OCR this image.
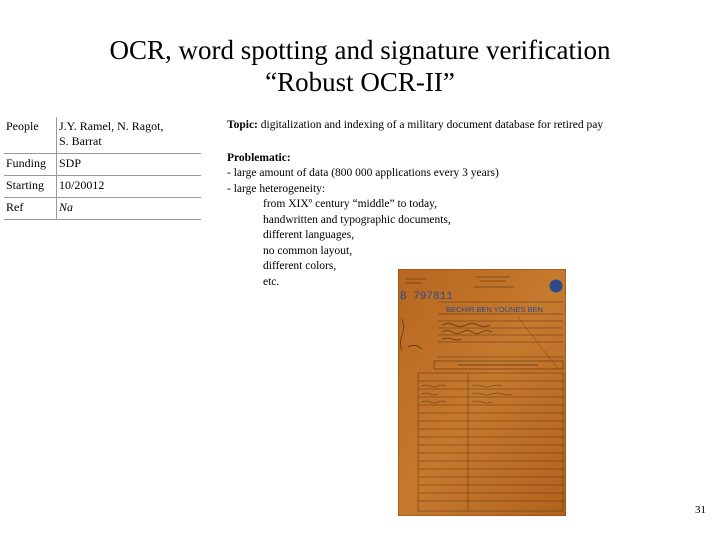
OCR, word spotting and signature verification
“Robust OCR-II”
People	J.Y. Ramel, N. Ragot,
S. Barrat
Funding	SDP
Starting	10/20012
Ref	Na
Topic: digitalization and indexing of a military document database for retired pay
Problematic:
- large amount of data (800 000 applications every 3 years)
- large heterogeneity:
from XIXº century “middle” to today,
handwritten and typographic documents,
different languages,
no common layout,
different colors,
etc.
B 797811
BECHIR BEN YOUNES BEN
31
